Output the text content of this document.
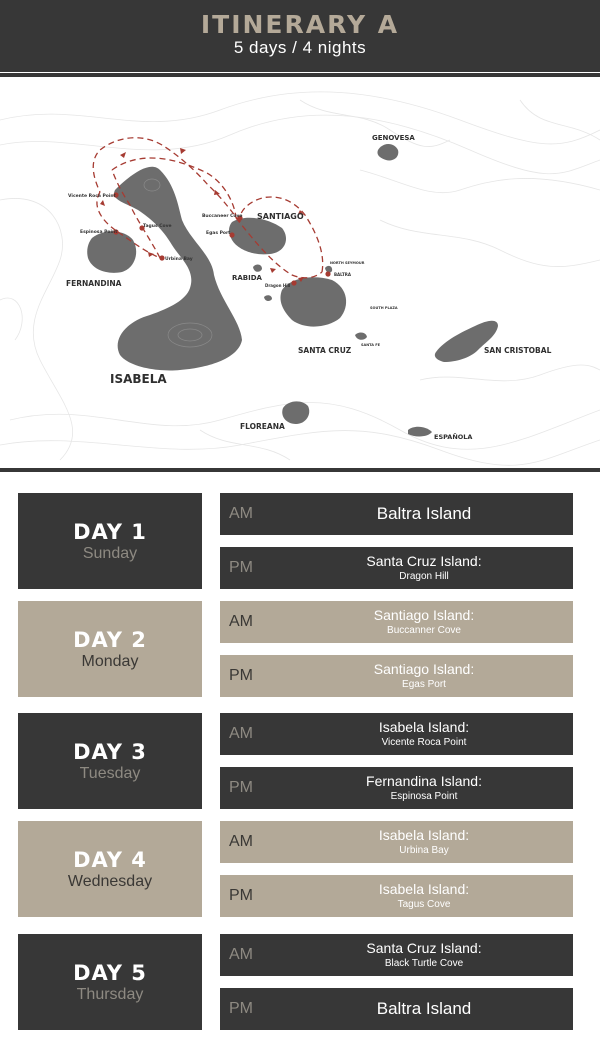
ITINERARY A
5 days / 4 nights
GENOVESA
SANTIAGO
FERNANDINA
RABIDA
ISABELA
SANTA CRUZ	SAN CRISTOBAL
FLOREANA
ESPAÑOLA
NORTH SEYMOUR
BALTRA
SANTA FE
SOUTH PLAZA
Vicente Roca Point
Espinosa Point
Tagus Cove
Urbina Bay
Buccaneer Cove
Egas Port
Dragon Hill
DAY 1
Sunday
AM	Baltra Island
PM	Santa Cruz Island:
Dragon Hill
DAY 2
Monday
AM	Santiago Island:
Buccanner Cove
PM	Santiago Island:
Egas Port
DAY 3
Tuesday
AM	Isabela Island:
Vicente Roca Point
PM	Fernandina Island:
Espinosa Point
DAY 4
Wednesday
AM	Isabela Island:
Urbina Bay
PM	Isabela Island:
Tagus Cove
DAY 5
Thursday
AM	Santa Cruz Island:
Black Turtle Cove
PM	Baltra Island
